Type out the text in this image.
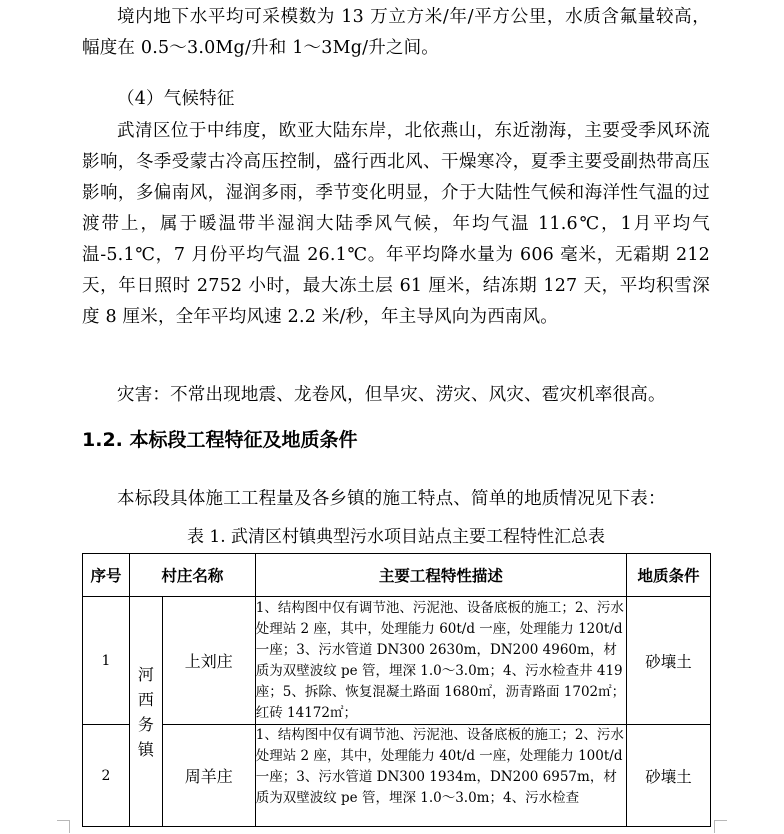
境内地下水平均可采模数为 13 万立方米/年/平方公里，水质含氟量较高，幅度在 0.5～3.0Mg/升和 1～3Mg/升之间。

（4）气候特征

武清区位于中纬度，欧亚大陆东岸，北依燕山，东近渤海，主要受季风环流影响，冬季受蒙古冷高压控制，盛行西北风、干燥寒冷，夏季主要受副热带高压影响，多偏南风，湿润多雨，季节变化明显，介于大陆性气候和海洋性气温的过渡带上，属于暖温带半湿润大陆季风气候，年均气温 11.6℃，1月平均气温-5.1℃，7 月份平均气温 26.1℃。年平均降水量为 606 毫米，无霜期 212 天，年日照时 2752 小时，最大冻土层 61 厘米，结冻期 127 天，平均积雪深度 8 厘米，全年平均风速 2.2 米/秒，年主导风向为西南风。

灾害：不常出现地震、龙卷风，但旱灾、涝灾、风灾、雹灾机率很高。

1.2. 本标段工程特征及地质条件

本标段具体施工工程量及各乡镇的施工特点、简单的地质情况见下表：

表 1. 武清区村镇典型污水项目站点主要工程特性汇总表
序号	村庄名称		主要工程特性描述	地质条件
1	河西务镇	上刘庄	1、结构图中仅有调节池、污泥池、设备底板的施工；2、污水处理站 2 座，其中，处理能力 60t/d 一座，处理能力 120t/d 一座；3、污水管道 DN300 2630m，DN200 4960m，材质为双壁波纹 pe 管，埋深 1.0～3.0m；4、污水检查井 419 座；5、拆除、恢复混凝土路面 1680㎡，沥青路面 1702㎡；红砖 14172㎡；	砂壤土
2		周羊庄	1、结构图中仅有调节池、污泥池、设备底板的施工；2、污水处理站 2 座，其中，处理能力 40t/d 一座，处理能力 100t/d 一座；3、污水管道 DN300 1934m，DN200 6957m，材质为双壁波纹 pe 管，埋深 1.0～3.0m；4、污水检查	砂壤土
